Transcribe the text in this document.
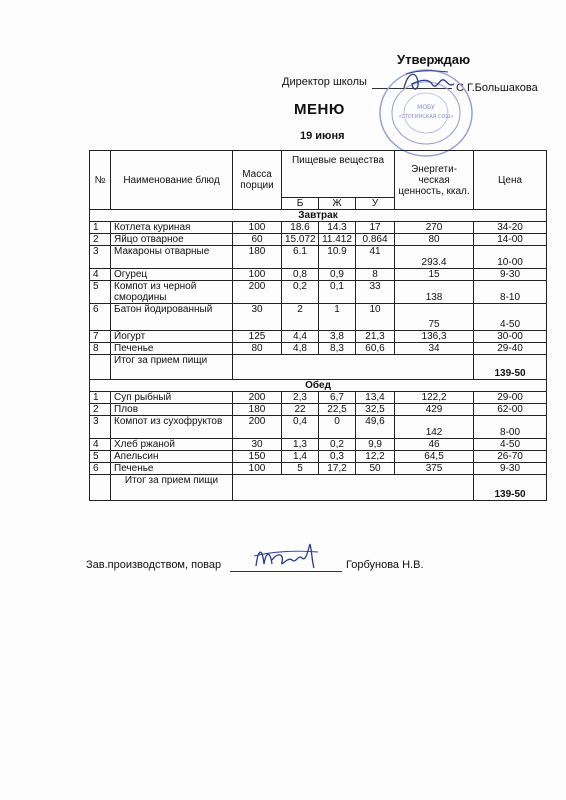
Утверждаю
Директор школы	С.Г.Большакова
МОБУ
«СТОГИНСКАЯ СОШ»
МЕНЮ
19 июня
№	Наименование блюд	Масса порции	Пищевые вещества			Энергети-ческая ценность, ккал.	Цена
			Б	Ж	У		
Завтрак							
1	Котлета куриная	100	18.6	14.3	17	270	34-20
2	Яйцо отварное	60	15.072	11.412	0.864	80	14-00
3	Макароны отварные	180	6.1	10.9	41	293.4	10-00
4	Огурец	100	0,8	0,9	8	15	9-30
5	Компот из черной смородины	200	0,2	0,1	33	138	8-10
6	Батон йодированный	30	2	1	10	75	4-50
7	Йогурт	125	4,4	3,8	21,3	136,3	30-00
8	Печенье	80	4,8	8,3	60,6	34	29-40
	Итог за прием пищи						139-50
Обед							
1	Суп рыбный	200	2,3	6,7	13,4	122,2	29-00
2	Плов	180	22	22,5	32,5	429	62-00
3	Компот из сухофруктов	200	0,4	0	49,6	142	8-00
4	Хлеб ржаной	30	1,3	0,2	9,9	46	4-50
5	Апельсин	150	1,4	0,3	12,2	64,5	26-70
6	Печенье	100	5	17,2	50	375	9-30
	Итог за прием пищи						139-50
Зав.производством, повар	Горбунова Н.В.
